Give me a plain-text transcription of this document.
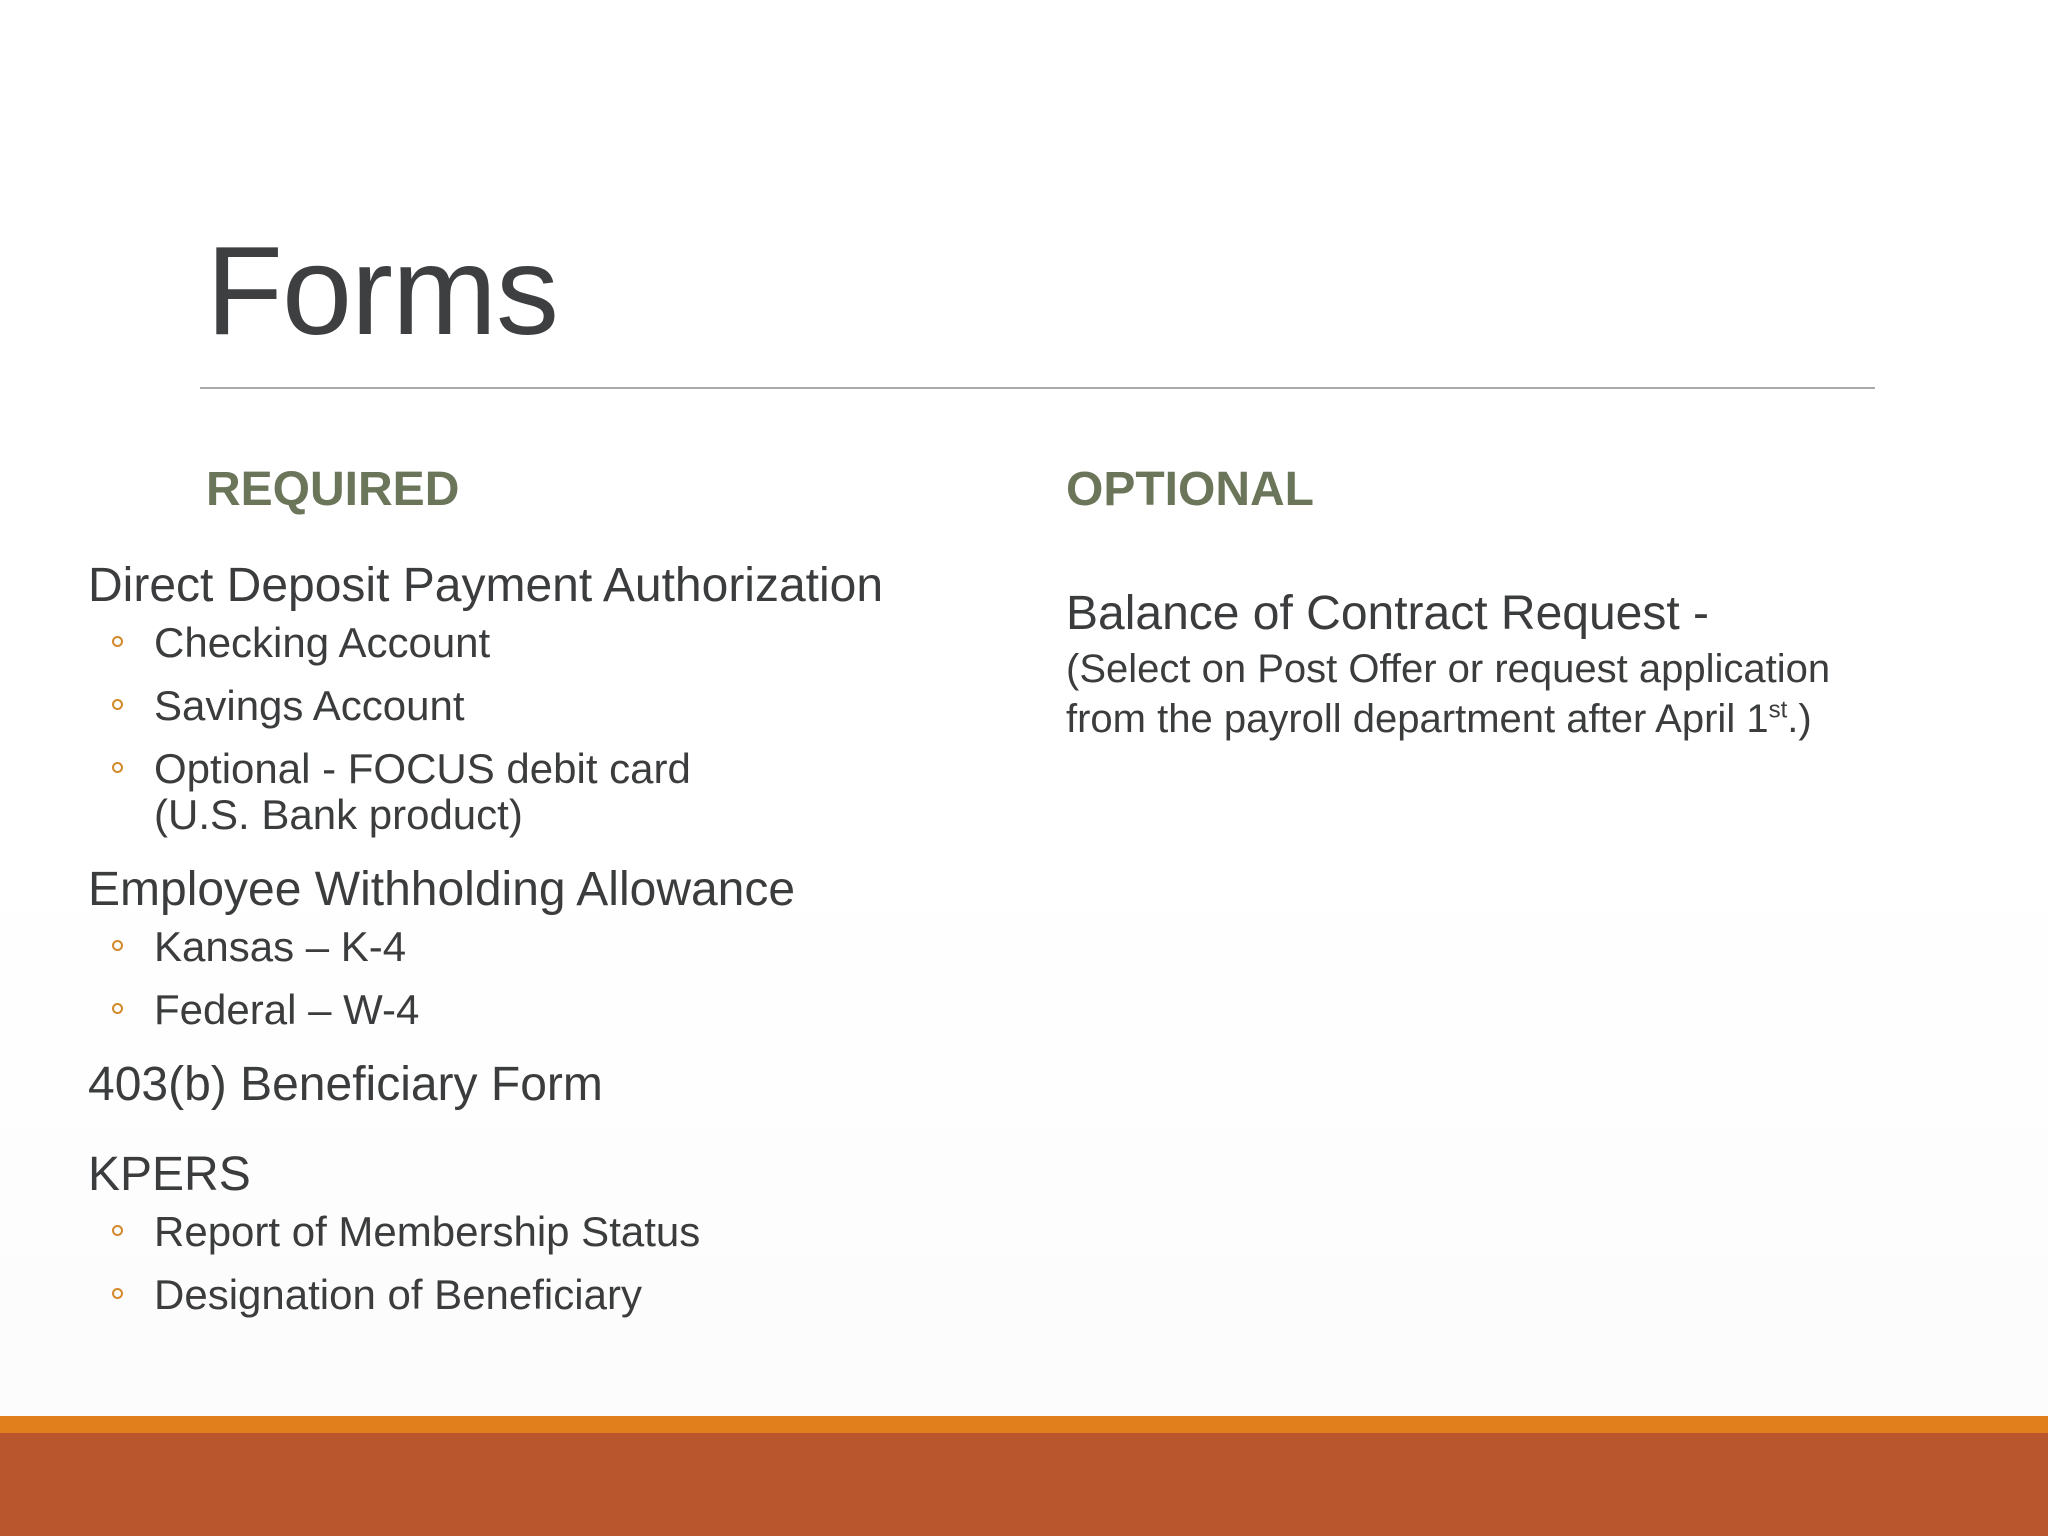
Forms
REQUIRED	OPTIONAL

Direct Deposit Payment Authorization

Checking Account
Savings Account
Optional - FOCUS debit card
(U.S. Bank product)

Employee Withholding Allowance

Kansas – K-4
Federal – W-4

403(b) Beneficiary Form

KPERS

Report of Membership Status
Designation of Beneficiary

Balance of Contract Request -

(Select on Post Offer or request application
from the payroll department after April 1st.)
